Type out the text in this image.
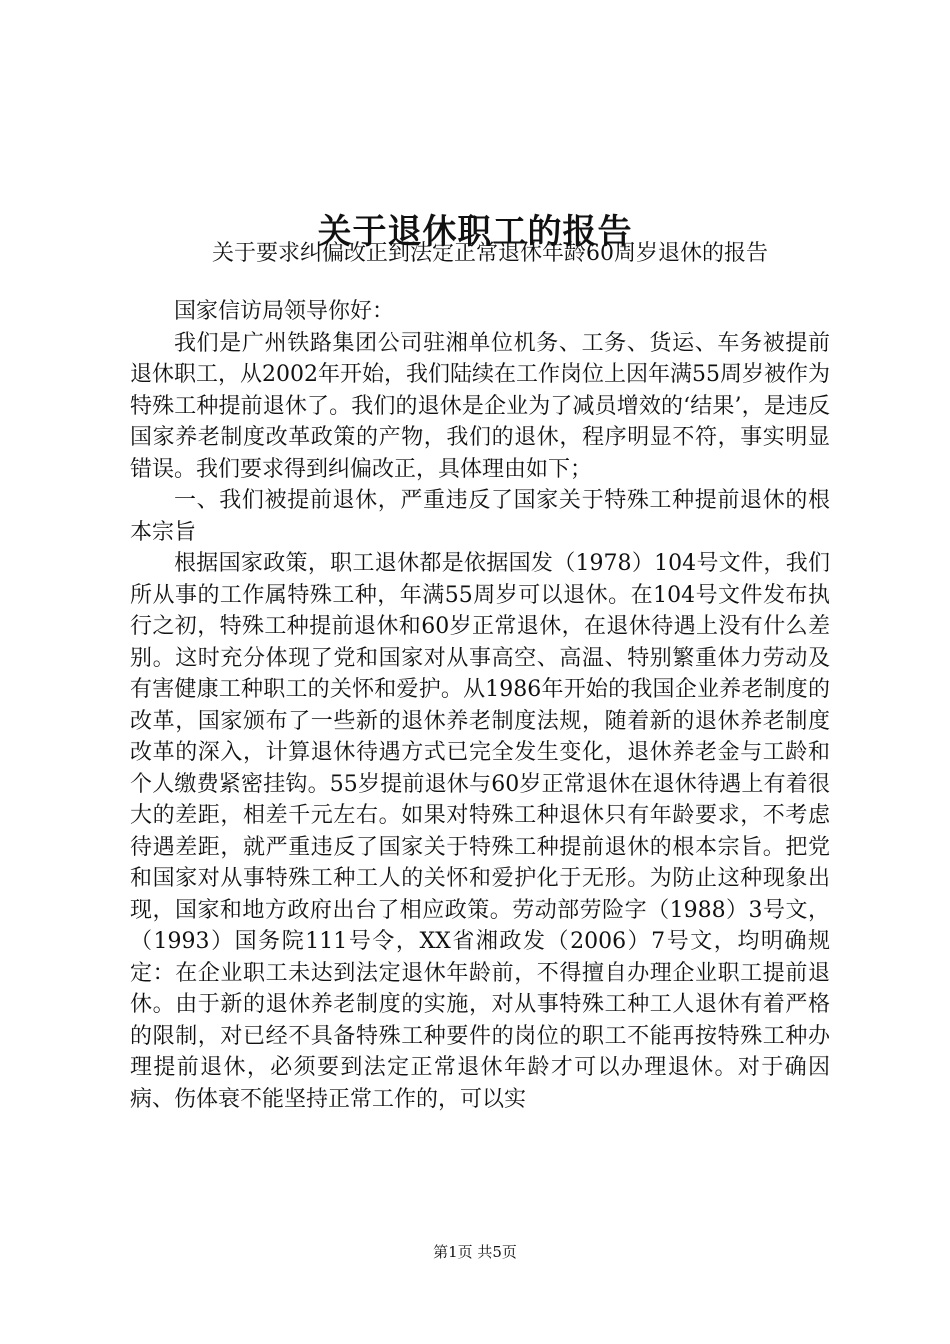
关于退休职工的报告
关于要求纠偏改正到法定正常退休年龄60周岁退休的报告

国家信访局领导你好：

我们是广州铁路集团公司驻湘单位机务、工务、货运、车务被提前退休职工，从2002年开始，我们陆续在工作岗位上因年满55周岁被作为特殊工种提前退休了。我们的退休是企业为了减员增效的‘结果’，是违反国家养老制度改革政策的产物，我们的退休，程序明显不符，事实明显错误。我们要求得到纠偏改正，具体理由如下；

一、我们被提前退休，严重违反了国家关于特殊工种提前退休的根本宗旨

根据国家政策，职工退休都是依据国发（1978）104号文件，我们所从事的工作属特殊工种，年满55周岁可以退休。在104号文件发布执行之初，特殊工种提前退休和60岁正常退休，在退休待遇上没有什么差别。这时充分体现了党和国家对从事高空、高温、特别繁重体力劳动及有害健康工种职工的关怀和爱护。从1986年开始的我国企业养老制度的改革，国家颁布了一些新的退休养老制度法规，随着新的退休养老制度改革的深入，计算退休待遇方式已完全发生变化，退休养老金与工龄和个人缴费紧密挂钩。55岁提前退休与60岁正常退休在退休待遇上有着很大的差距，相差千元左右。如果对特殊工种退休只有年龄要求，不考虑待遇差距，就严重违反了国家关于特殊工种提前退休的根本宗旨。把党和国家对从事特殊工种工人的关怀和爱护化于无形。为防止这种现象出现，国家和地方政府出台了相应政策。劳动部劳险字（1988）3号文，（1993）国务院111号令，XX省湘政发（2006）7号文，均明确规定：在企业职工未达到法定退休年龄前，不得擅自办理企业职工提前退休。由于新的退休养老制度的实施，对从事特殊工种工人退休有着严格的限制，对已经不具备特殊工种要件的岗位的职工不能再按特殊工种办理提前退休，必须要到法定正常退休年龄才可以办理退休。对于确因病、伤体衰不能坚持正常工作的，可以实

第1页 共5页
